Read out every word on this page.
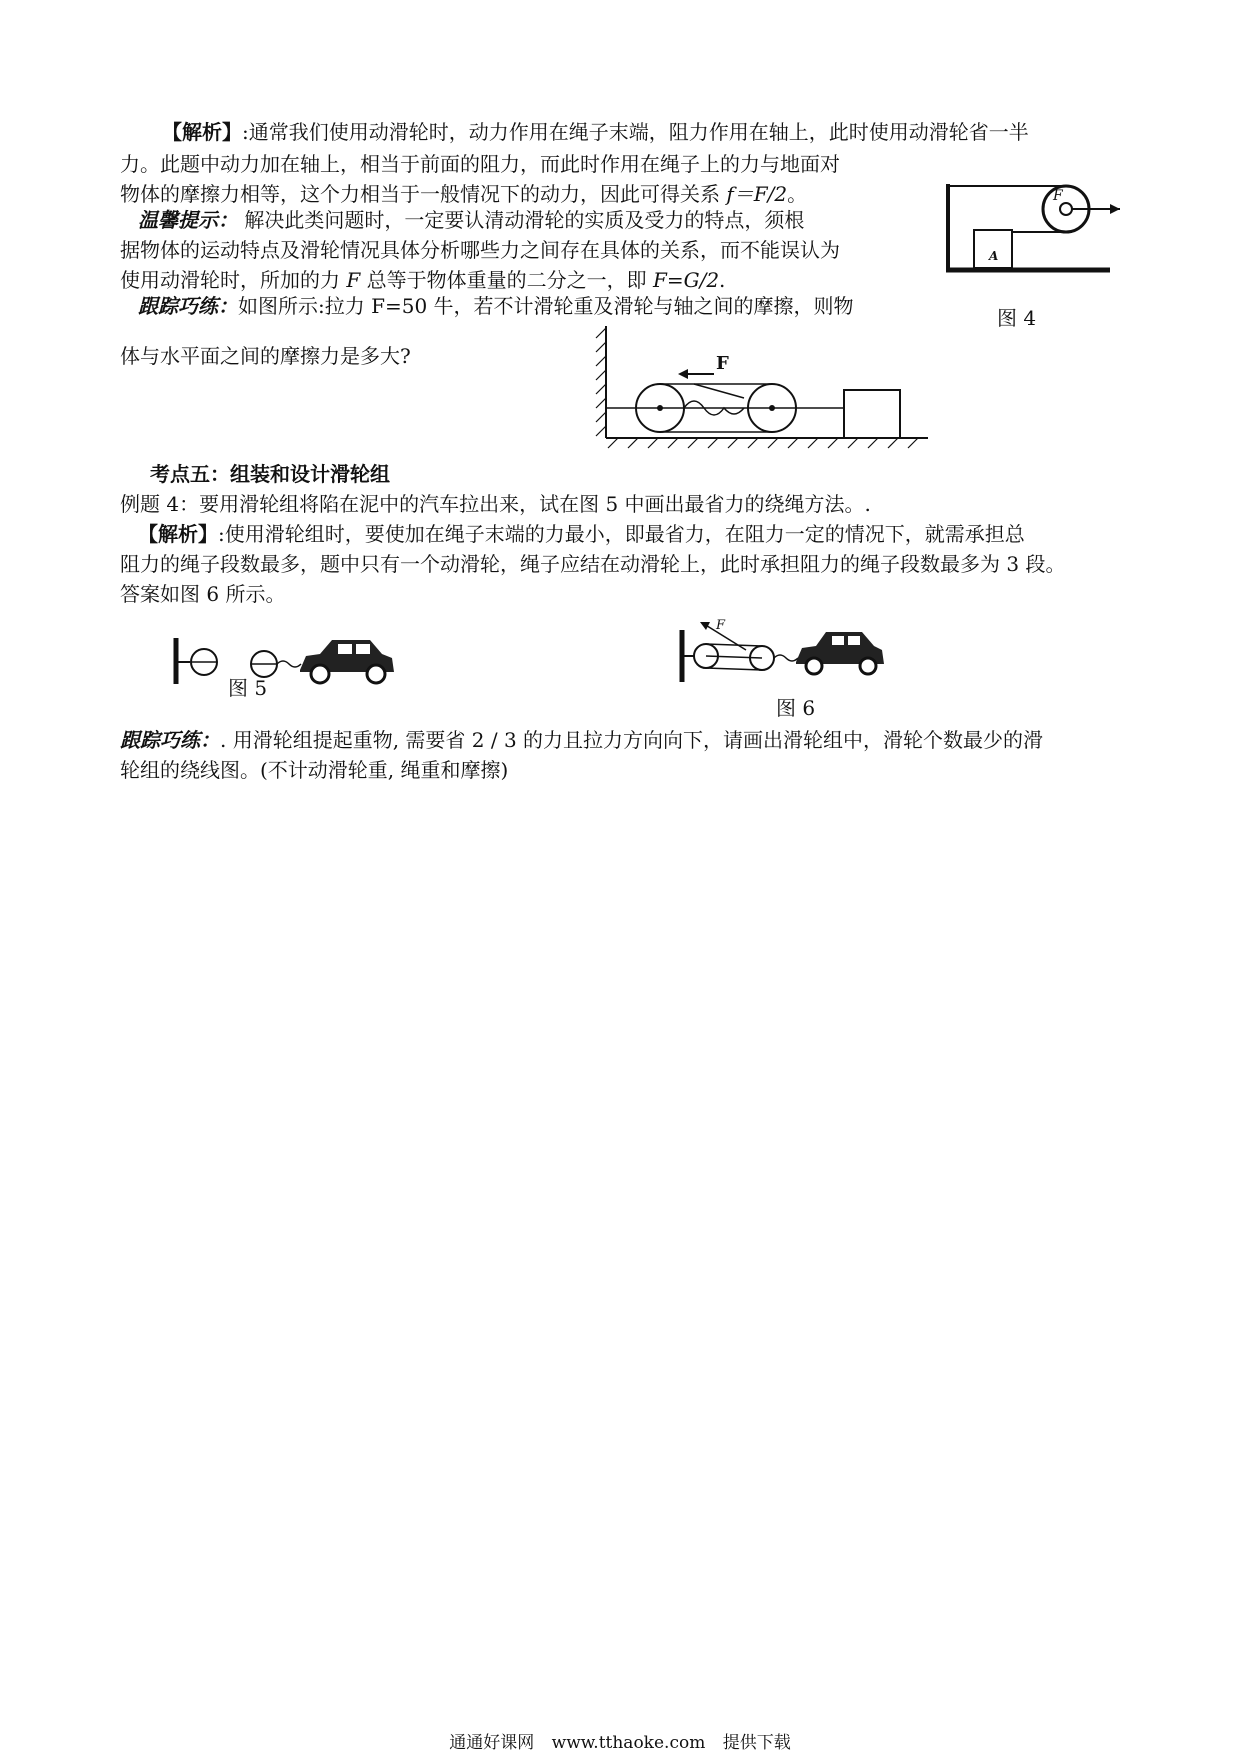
【解析】:通常我们使用动滑轮时，动力作用在绳子末端，阻力作用在轴上，此时使用动滑轮省一半
力。此题中动力加在轴上，相当于前面的阻力，而此时作用在绳子上的力与地面对
物体的摩擦力相等，这个力相当于一般情况下的动力，因此可得关系 f＝F/2。
温馨提示： 解决此类问题时，一定要认清动滑轮的实质及受力的特点，须根
据物体的运动特点及滑轮情况具体分析哪些力之间存在具体的关系，而不能误认为
使用动滑轮时，所加的力 F 总等于物体重量的二分之一，即 F=G/2.
跟踪巧练：如图所示:拉力 F=50 牛，若不计滑轮重及滑轮与轴之间的摩擦，则物
体与水平面之间的摩擦力是多大?
F
A
图 4
F
考点五：组装和设计滑轮组
例题 4：要用滑轮组将陷在泥中的汽车拉出来，试在图 5 中画出最省力的绕绳方法。.
【解析】:使用滑轮组时，要使加在绳子末端的力最小，即最省力，在阻力一定的情况下，就需承担总
阻力的绳子段数最多，题中只有一个动滑轮，绳子应结在动滑轮上，此时承担阻力的绳子段数最多为 3 段。
答案如图 6 所示。
图 5
F
图 6
跟踪巧练：. 用滑轮组提起重物, 需要省 2 / 3 的力且拉力方向向下，请画出滑轮组中，滑轮个数最少的滑
轮组的绕线图。(不计动滑轮重, 绳重和摩擦)
通通好课网 www.tthaoke.com 提供下载
